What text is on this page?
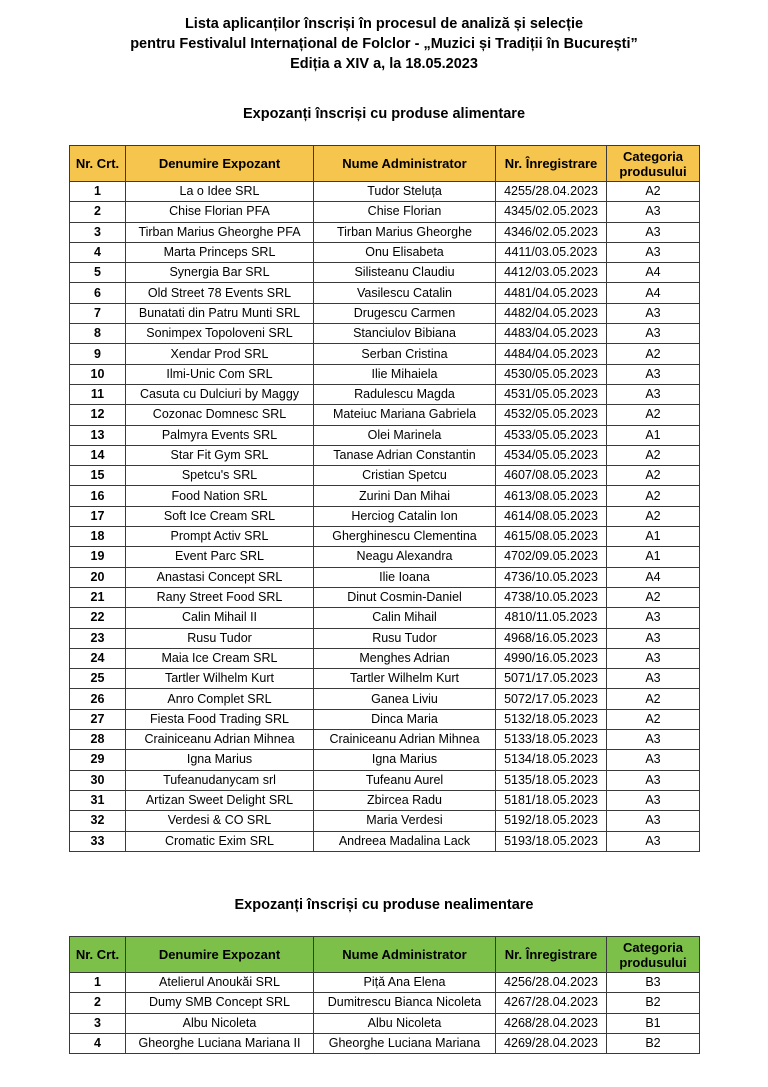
Lista aplicanților înscriși în procesul de analiză și selecție
pentru Festivalul Internațional de Folclor - „Muzici și Tradiții în București”
Ediția a XIV a, la 18.05.2023
Expozanți înscriși cu produse alimentare
Nr. Crt.	Denumire Expozant	Nume Administrator	Nr. Înregistrare	Categoria
produsului
1	La o Idee SRL	Tudor Steluța	4255/28.04.2023	A2
2	Chise Florian PFA	Chise Florian	4345/02.05.2023	A3
3	Tirban Marius Gheorghe PFA	Tirban Marius Gheorghe	4346/02.05.2023	A3
4	Marta Princeps SRL	Onu Elisabeta	4411/03.05.2023	A3
5	Synergia Bar SRL	Silisteanu Claudiu	4412/03.05.2023	A4
6	Old Street 78 Events SRL	Vasilescu Catalin	4481/04.05.2023	A4
7	Bunatati din Patru Munti SRL	Drugescu Carmen	4482/04.05.2023	A3
8	Sonimpex Topoloveni SRL	Stanciulov Bibiana	4483/04.05.2023	A3
9	Xendar Prod SRL	Serban Cristina	4484/04.05.2023	A2
10	Ilmi-Unic Com SRL	Ilie Mihaiela	4530/05.05.2023	A3
11	Casuta cu Dulciuri by Maggy	Radulescu Magda	4531/05.05.2023	A3
12	Cozonac Domnesc SRL	Mateiuc Mariana Gabriela	4532/05.05.2023	A2
13	Palmyra Events SRL	Olei Marinela	4533/05.05.2023	A1
14	Star Fit Gym SRL	Tanase Adrian Constantin	4534/05.05.2023	A2
15	Spetcu's SRL	Cristian Spetcu	4607/08.05.2023	A2
16	Food Nation SRL	Zurini Dan Mihai	4613/08.05.2023	A2
17	Soft Ice Cream SRL	Herciog Catalin Ion	4614/08.05.2023	A2
18	Prompt Activ SRL	Gherghinescu Clementina	4615/08.05.2023	A1
19	Event Parc SRL	Neagu Alexandra	4702/09.05.2023	A1
20	Anastasi Concept SRL	Ilie Ioana	4736/10.05.2023	A4
21	Rany Street Food SRL	Dinut Cosmin-Daniel	4738/10.05.2023	A2
22	Calin Mihail II	Calin Mihail	4810/11.05.2023	A3
23	Rusu Tudor	Rusu Tudor	4968/16.05.2023	A3
24	Maia Ice Cream SRL	Menghes Adrian	4990/16.05.2023	A3
25	Tartler Wilhelm Kurt	Tartler Wilhelm Kurt	5071/17.05.2023	A3
26	Anro Complet SRL	Ganea Liviu	5072/17.05.2023	A2
27	Fiesta Food Trading SRL	Dinca Maria	5132/18.05.2023	A2
28	Crainiceanu Adrian Mihnea	Crainiceanu Adrian Mihnea	5133/18.05.2023	A3
29	Igna Marius	Igna Marius	5134/18.05.2023	A3
30	Tufeanudanycam srl	Tufeanu Aurel	5135/18.05.2023	A3
31	Artizan Sweet Delight SRL	Zbircea Radu	5181/18.05.2023	A3
32	Verdesi & CO SRL	Maria Verdesi	5192/18.05.2023	A3
33	Cromatic Exim SRL	Andreea Madalina Lack	5193/18.05.2023	A3
Expozanți înscriși cu produse nealimentare
Nr. Crt.	Denumire Expozant	Nume Administrator	Nr. Înregistrare	Categoria
produsului
1	Atelierul Anoukăi SRL	Pițǎ Ana Elena	4256/28.04.2023	B3
2	Dumy SMB Concept SRL	Dumitrescu Bianca Nicoleta	4267/28.04.2023	B2
3	Albu Nicoleta	Albu Nicoleta	4268/28.04.2023	B1
4	Gheorghe Luciana Mariana II	Gheorghe Luciana Mariana	4269/28.04.2023	B2
